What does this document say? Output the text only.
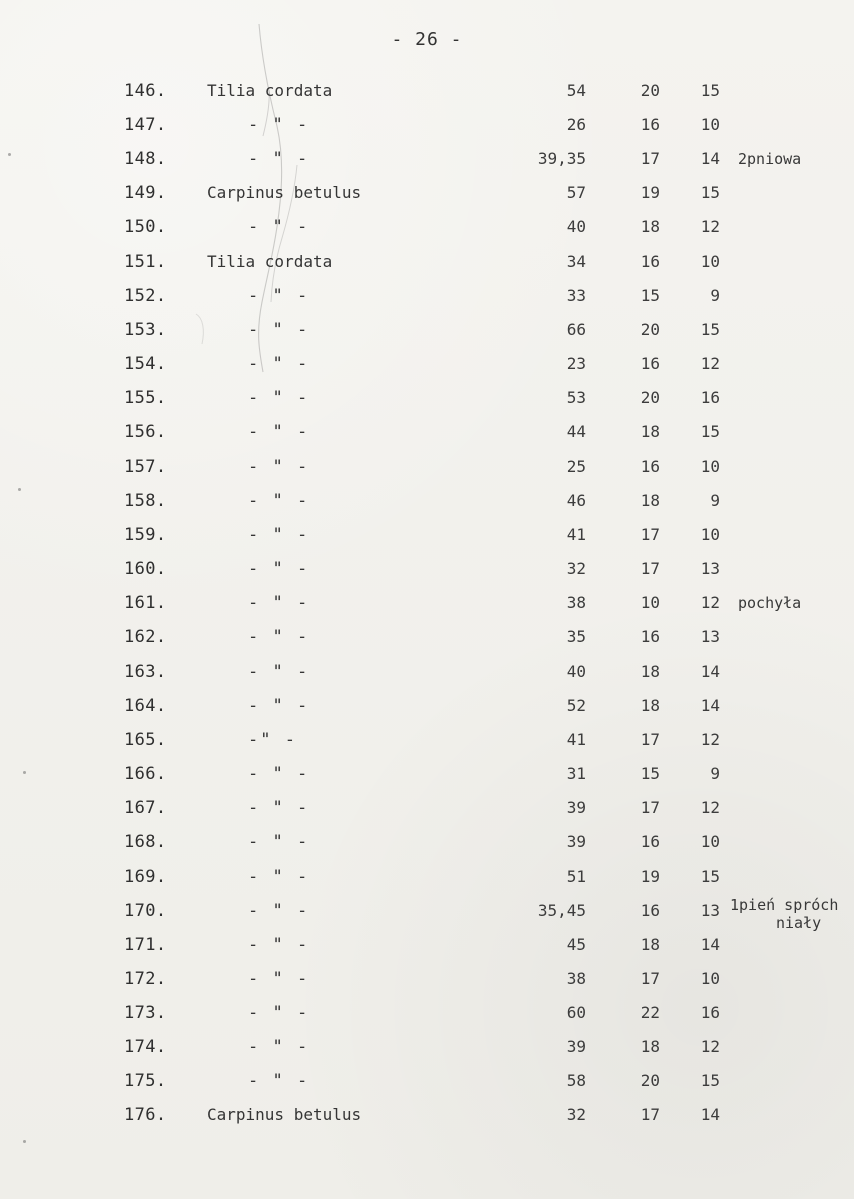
- 26 -
146.	Tilia cordata	54	20	15
147.	- " -	26	16	10
148.	- " -	39,35	17	14 2pniowa
149.	Carpinus betulus	57	19	15
150.	- " -	40	18	12
151.	Tilia cordata	34	16	10
152.	- " -	33	15	9
153.	- " -	66	20	15
154.	- " -	23	16	12
155.	- " -	53	20	16
156.	- " -	44	18	15
157.	- " -	25	16	10
158.	- " -	46	18	9
159.	- " -	41	17	10
160.	- " -	32	17	13
161.	- " -	38	10	12 pochyła
162.	- " -	35	16	13
163.	- " -	40	18	14
164.	- " -	52	18	14
165.	-" -	41	17	12
166.	- " -	31	15	9
167.	- " -	39	17	12
168.	- " -	39	16	10
169.	- " -	51	19	15
170.	- " -	35,45	16	13 1pień spróch
niały
171.	- " -	45	18	14
172.	- " -	38	17	10
173.	- " -	60	22	16
174.	- " -	39	18	12
175.	- " -	58	20	15
176.	Carpinus betulus	32	17	14
